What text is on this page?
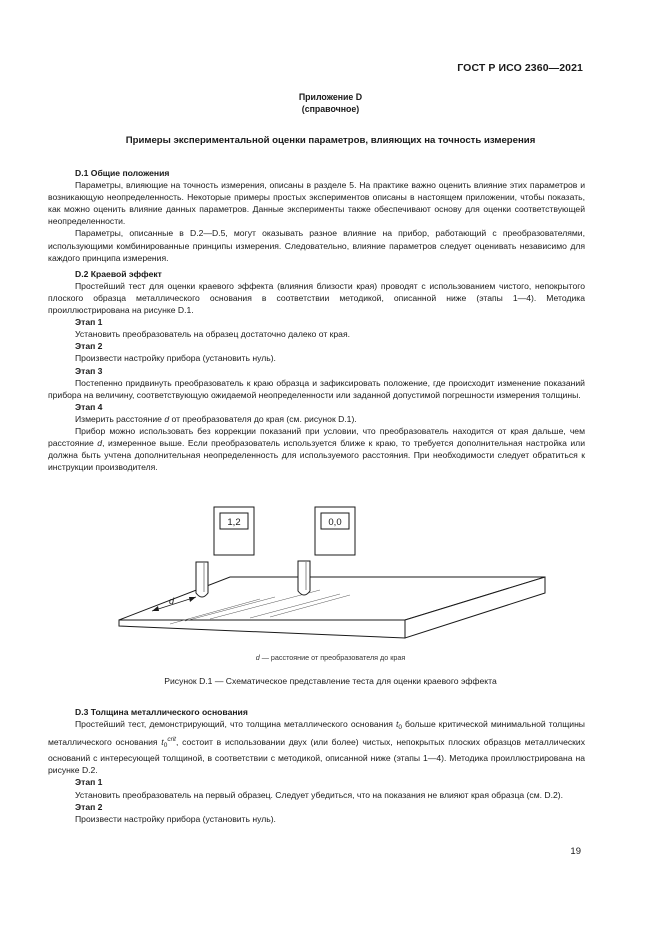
ГОСТ Р ИСО 2360—2021
Приложение D
(справочное)
Примеры экспериментальной оценки параметров, влияющих на точность измерения

D.1 Общие положения

Параметры, влияющие на точность измерения, описаны в разделе 5. На практике важно оценить влияние этих параметров и возникающую неопределенность. Некоторые примеры простых экспериментов описаны в настоящем приложении, чтобы показать, как можно оценить влияние данных параметров. Данные эксперименты также обеспечивают основу для оценки соответствующей неопределенности.

Параметры, описанные в D.2—D.5, могут оказывать разное влияние на прибор, работающий с преобразователями, использующими комбинированные принципы измерения. Следовательно, влияние параметров следует оценивать независимо для каждого принципа измерения.

D.2 Краевой эффект

Простейший тест для оценки краевого эффекта (влияния близости края) проводят с использованием чистого, непокрытого плоского образца металлического основания в соответствии методикой, описанной ниже (этапы 1—4). Методика проиллюстрирована на рисунке D.1.

Этап 1

Установить преобразователь на образец достаточно далеко от края.

Этап 2

Произвести настройку прибора (установить нуль).

Этап 3

Постепенно придвинуть преобразователь к краю образца и зафиксировать положение, где происходит изменение показаний прибора на величину, соответствующую ожидаемой неопределенности или заданной допустимой погрешности измерения толщины.

Этап 4

Измерить расстояние d от преобразователя до края (см. рисунок D.1).

Прибор можно использовать без коррекции показаний при условии, что преобразователь находится от края дальше, чем расстояние d, измеренное выше. Если преобразователь используется ближе к краю, то требуется дополнительная настройка или должна быть учтена дополнительная неопределенность для используемого расстояния. При необходимости следует обратиться к инструкции производителя.

d
1,2	0,0
d — расстояние от преобразователя до края
Рисунок D.1 — Схематическое представление теста для оценки краевого эффекта

D.3 Толщина металлического основания

Простейший тест, демонстрирующий, что толщина металлического основания $t_0$ больше критической минимальной толщины металлического основания $t_0^{crit}$, состоит в использовании двух (или более) чистых, непокрытых плоских образцов металлических оснований с интересующей толщиной, в соответствии с методикой, описанной ниже (этапы 1—4). Методика проиллюстрирована на рисунке D.2.

Этап 1

Установить преобразователь на первый образец. Следует убедиться, что на показания не влияют края образца (см. D.2).

Этап 2

Произвести настройку прибора (установить нуль).

19
